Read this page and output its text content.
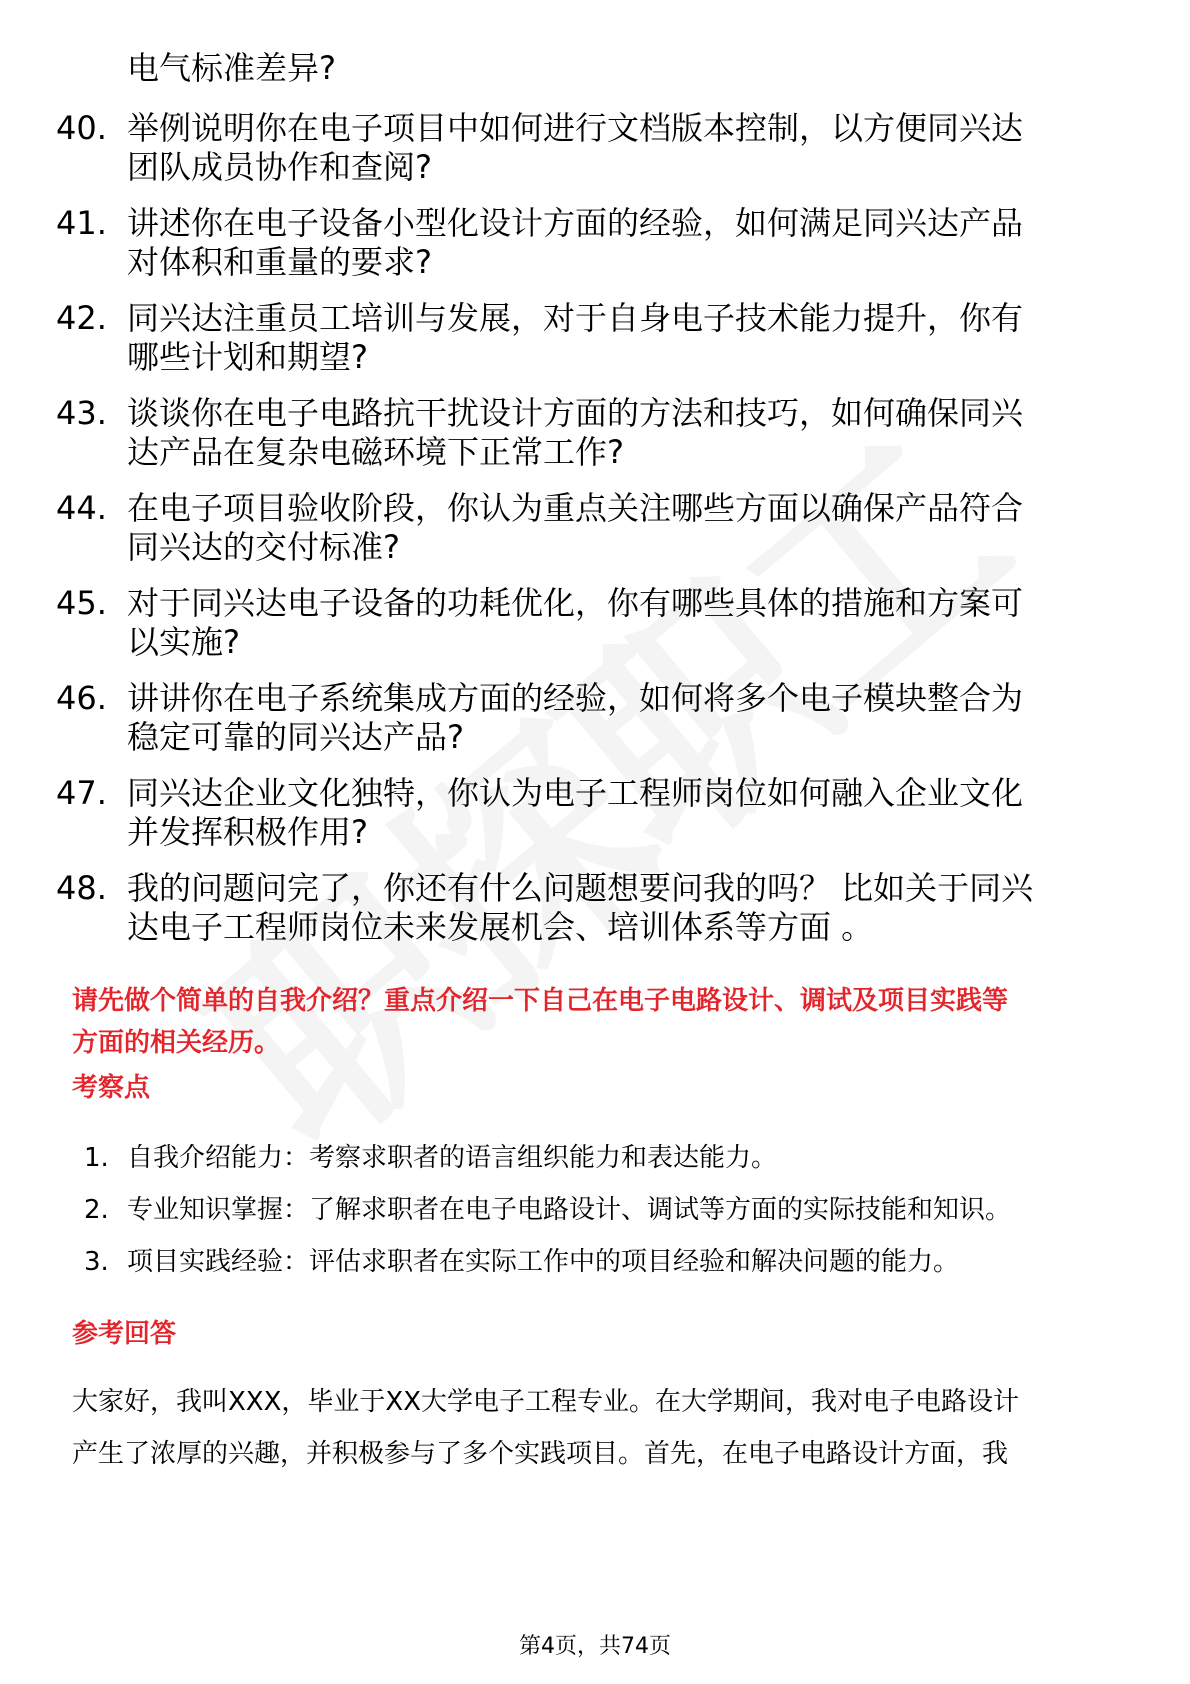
电气标准差异?
40. 举例说明你在电子项目中如何进行文档版本控制，以方便同兴达
团队成员协作和查阅?
41. 讲述你在电子设备小型化设计方面的经验，如何满足同兴达产品
对体积和重量的要求?
42. 同兴达注重员工培训与发展，对于自身电子技术能力提升，你有
哪些计划和期望?
43. 谈谈你在电子电路抗干扰设计方面的方法和技巧，如何确保同兴
达产品在复杂电磁环境下正常工作?
44. 在电子项目验收阶段，你认为重点关注哪些方面以确保产品符合
同兴达的交付标准?
45. 对于同兴达电子设备的功耗优化，你有哪些具体的措施和方案可
以实施?
46. 讲讲你在电子系统集成方面的经验，如何将多个电子模块整合为
稳定可靠的同兴达产品?
47. 同兴达企业文化独特，你认为电子工程师岗位如何融入企业文化
并发挥积极作用?
48. 我的问题问完了，你还有什么问题想要问我的吗？ 比如关于同兴
达电子工程师岗位未来发展机会、培训体系等方面 。
请先做个简单的自我介绍？重点介绍一下自己在电子电路设计、调试及项目实践等
方面的相关经历。
考察点
1. 自我介绍能力：考察求职者的语言组织能力和表达能力。
2. 专业知识掌握：了解求职者在电子电路设计、调试等方面的实际技能和知识。
3. 项目实践经验：评估求职者在实际工作中的项目经验和解决问题的能力。
参考回答
大家好，我叫XXX，毕业于XX大学电子工程专业。在大学期间，我对电子电路设计
产生了浓厚的兴趣，并积极参与了多个实践项目。首先，在电子电路设计方面，我
第4页，共74页
